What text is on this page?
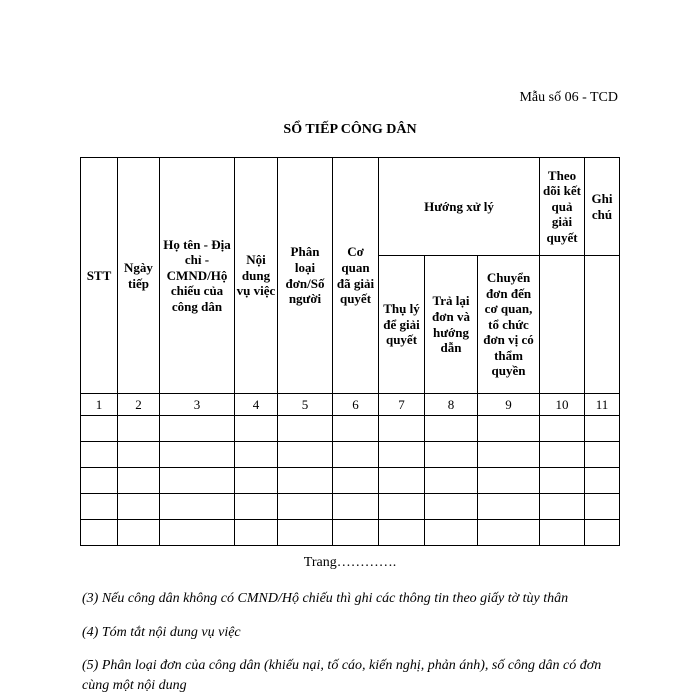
Mẫu số 06 - TCD
SỔ TIẾP CÔNG DÂN
STT	Ngày tiếp	Họ tên - Địa chỉ - CMND/Hộ chiếu của công dân	Nội dung vụ việc	Phân loại đơn/Số người	Cơ quan đã giải quyết	Hướng xử lý			Theo dõi kết quả giải quyết	Ghi chú
						Thụ lý để giải quyết	Trả lại đơn và hướng dẫn	Chuyển đơn đến cơ quan, tổ chức đơn vị có thẩm quyền		
1	2	3	4	5	6	7	8	9	10	11

Trang………….
(3) Nếu công dân không có CMND/Hộ chiếu thì ghi các thông tin theo giấy tờ tùy thân
(4) Tóm tắt nội dung vụ việc
(5) Phân loại đơn của công dân (khiếu nại, tố cáo, kiến nghị, phản ánh), số công dân có đơn cùng một nội dung
